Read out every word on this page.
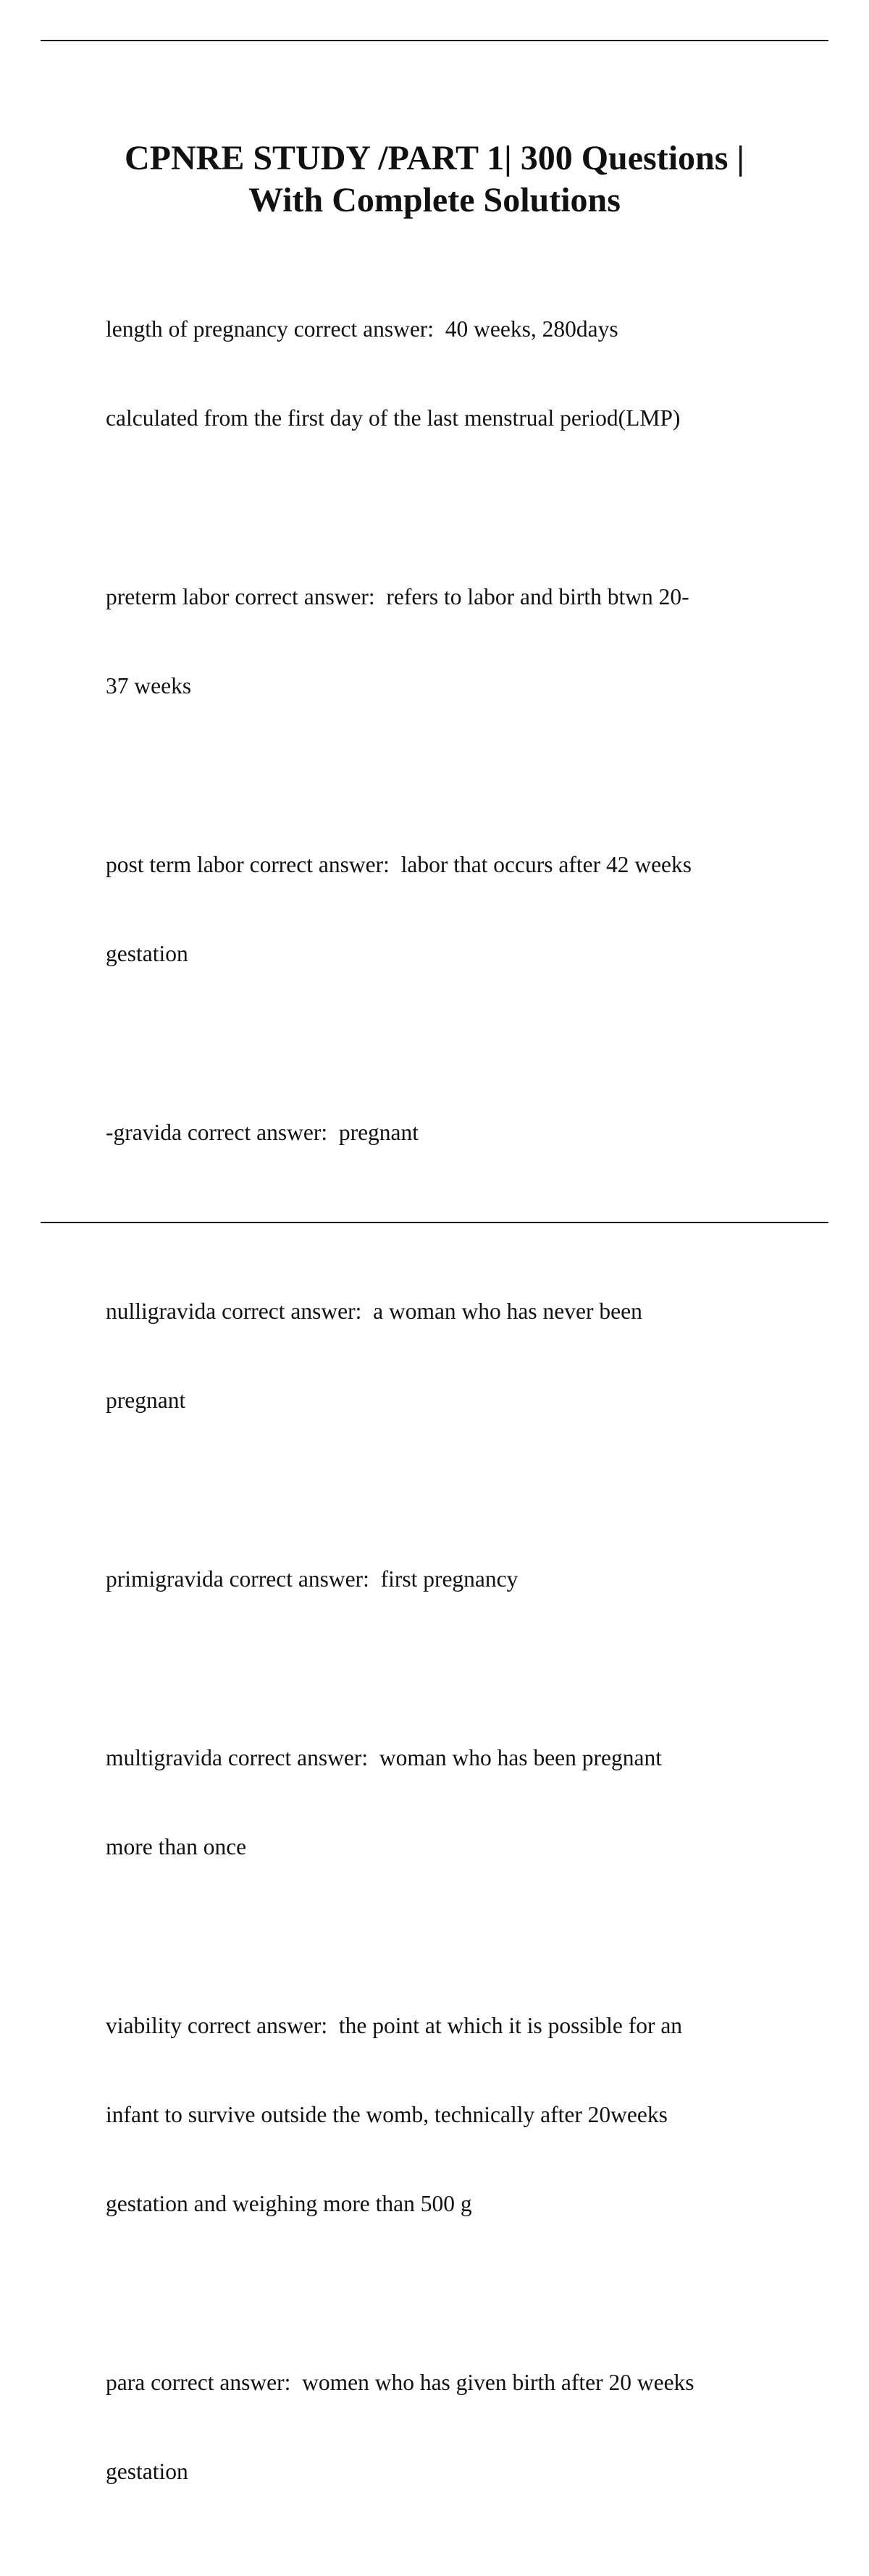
CPNRE STUDY /PART 1| 300 Questions |
With Complete Solutions

length of pregnancy correct answer:  40 weeks, 280days

calculated from the first day of the last menstrual period(LMP)

preterm labor correct answer:  refers to labor and birth btwn 20-

37 weeks

post term labor correct answer:  labor that occurs after 42 weeks

gestation

-gravida correct answer:  pregnant

nulligravida correct answer:  a woman who has never been

pregnant

primigravida correct answer:  first pregnancy

multigravida correct answer:  woman who has been pregnant

more than once

viability correct answer:  the point at which it is possible for an

infant to survive outside the womb, technically after 20weeks

gestation and weighing more than 500 g

para correct answer:  women who has given birth after 20 weeks

gestation
